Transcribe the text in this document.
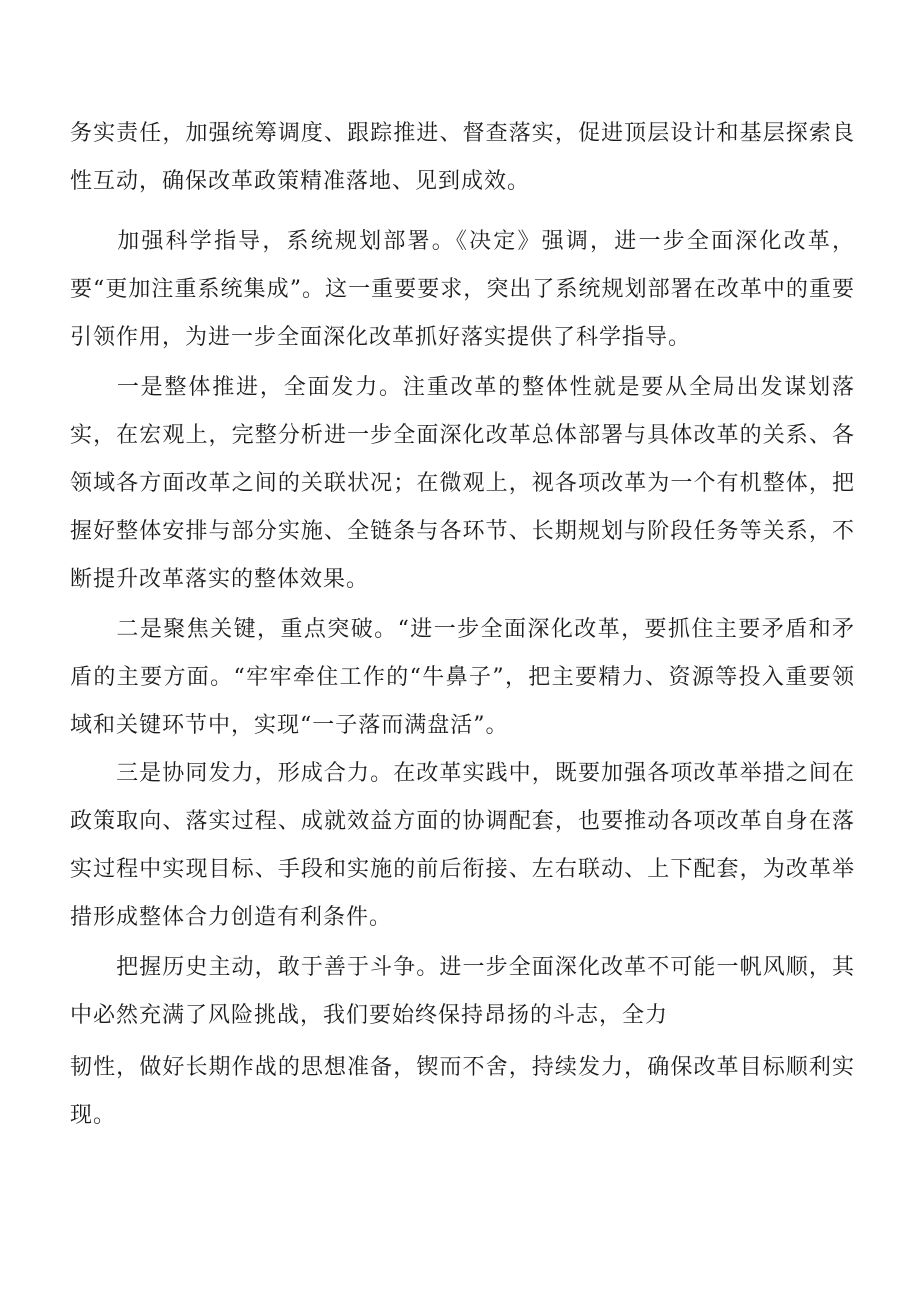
务实责任，加强统筹调度、跟踪推进、督查落实，促进顶层设计和基层探索良性互动，确保改革政策精准落地、见到成效。

加强科学指导，系统规划部署。《决定》强调，进一步全面深化改革，要“更加注重系统集成”。这一重要要求，突出了系统规划部署在改革中的重要引领作用，为进一步全面深化改革抓好落实提供了科学指导。

一是整体推进，全面发力。注重改革的整体性就是要从全局出发谋划落实，在宏观上，完整分析进一步全面深化改革总体部署与具体改革的关系、各领域各方面改革之间的关联状况；在微观上，视各项改革为一个有机整体，把握好整体安排与部分实施、全链条与各环节、长期规划与阶段任务等关系，不断提升改革落实的整体效果。

二是聚焦关键，重点突破。“进一步全面深化改革，要抓住主要矛盾和矛盾的主要方面。“牢牢牵住工作的“牛鼻子”，把主要精力、资源等投入重要领域和关键环节中，实现“一子落而满盘活”。

三是协同发力，形成合力。在改革实践中，既要加强各项改革举措之间在政策取向、落实过程、成就效益方面的协调配套，也要推动各项改革自身在落实过程中实现目标、手段和实施的前后衔接、左右联动、上下配套，为改革举措形成整体合力创造有利条件。

把握历史主动，敢于善于斗争。进一步全面深化改革不可能一帆风顺，其中必然充满了风险挑战，我们要始终保持昂扬的斗志，全力

韧性，做好长期作战的思想准备，锲而不舍，持续发力，确保改革目标顺利实现。
